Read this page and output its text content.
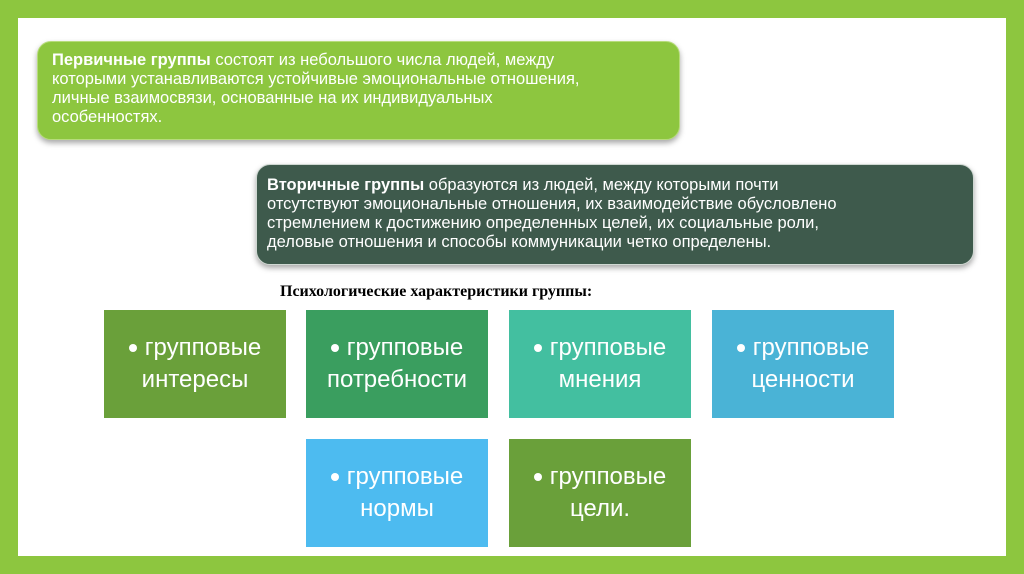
Первичные группы состоят из небольшого числа людей, между
которыми устанавливаются устойчивые эмоциональные отношения,
личные взаимосвязи, основанные на их индивидуальных
особенностях.
Вторичные группы образуются из людей, между которыми почти
отсутствуют эмоциональные отношения, их взаимодействие обусловлено
стремлением к достижению определенных целей, их социальные роли,
деловые отношения и способы коммуникации четко определены.
Психологические характеристики группы:
групповые
интересы
групповые
потребности
групповые
мнения
групповые
ценности
групповые
нормы
групповые
цели.
